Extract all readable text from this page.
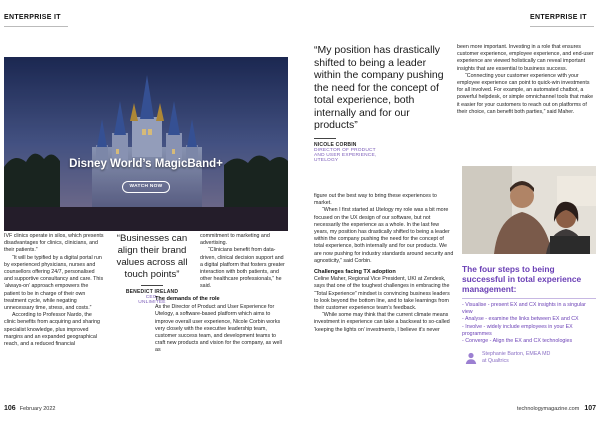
ENTERPRISE IT	ENTERPRISE IT
Disney World’s MagicBand+
WATCH NOW

IVF clinics operate in silos, which presents disadvantages for clinics, clinicians, and their patients.”

“It will be typified by a digital portal run by experienced physicians, nurses and counsellors offering 24/7, personalised and supportive consultancy and care. This ‘always-on’ approach empowers the patient to be in charge of their own treatment cycle, while negating unnecessary time, stress, and costs.”

According to Professor Nardo, the clinic benefits from acquiring and sharing specialist knowledge, plus improved margins and an expanded geographical reach, and a reduced financial

“Businesses can align their brand values across all touch points”
BENEDICT IRELAND
CEO,
UNLIMITEE

commitment to marketing and advertising.

“Clinicians benefit from data-driven, clinical decision support and a digital platform that fosters greater interaction with both patients, and other healthcare professionals,” he said.

The demands of the role

As the Director of Product and User Experience for Utelogy, a software-based platform which aims to improve overall user experience, Nicole Corbin works very closely with the executive leadership team, customer success team, and development teams to craft new products and vision for the company, as well as

“My position has drastically shifted to being a leader within the company pushing the need for the concept of total experience, both internally and for our products”
NICOLE CORBIN
DIRECTOR OF PRODUCT
AND USER EXPERIENCE,
UTELOGY

figure out the best way to bring these experiences to market.

“When I first started at Utelogy my role was a bit more focused on the UX design of our software, but not necessarily the experience as a whole. In the last few years, my position has drastically shifted to being a leader within the company pushing the need for the concept of total experience, both internally and for our products. We are now pushing for industry standards around security and agnosticity,” said Corbin.

Challenges facing TX adoption

Celine Maher, Regional Vice President, UKI at Zendesk, says that one of the toughest challenges in embracing the “Total Experience” mindset is convincing business leaders to look beyond the bottom line, and to take learnings from their customer experience team’s feedback.

“While some may think that the current climate means investment in experience can take a backseat to so-called ‘keeping the lights on’ investments, I believe it’s never

been more important. Investing in a role that ensures customer experience, employee experience, and end-user experience are viewed holistically can reveal important insights that are essential to business success.

“Connecting your customer experience with your employee experience can point to quick-win investments for all involved. For example, an automated chatbot, a powerful helpdesk, or simple omnichannel tools that make it easier for your customers to reach out on platforms of their choice, can benefit both parties,” said Maher.

The four steps to being successful in total experience management:

- Visualise - present EX and CX insights in a singular view

- Analyse - examine the links between EX and CX

- Involve - widely include employees in your EX programmes

- Converge - Align the EX and CX technologies

Stephanie Barton, EMEA MD

at Qualtrics

106 February 2022	technologymagazine.com 107
